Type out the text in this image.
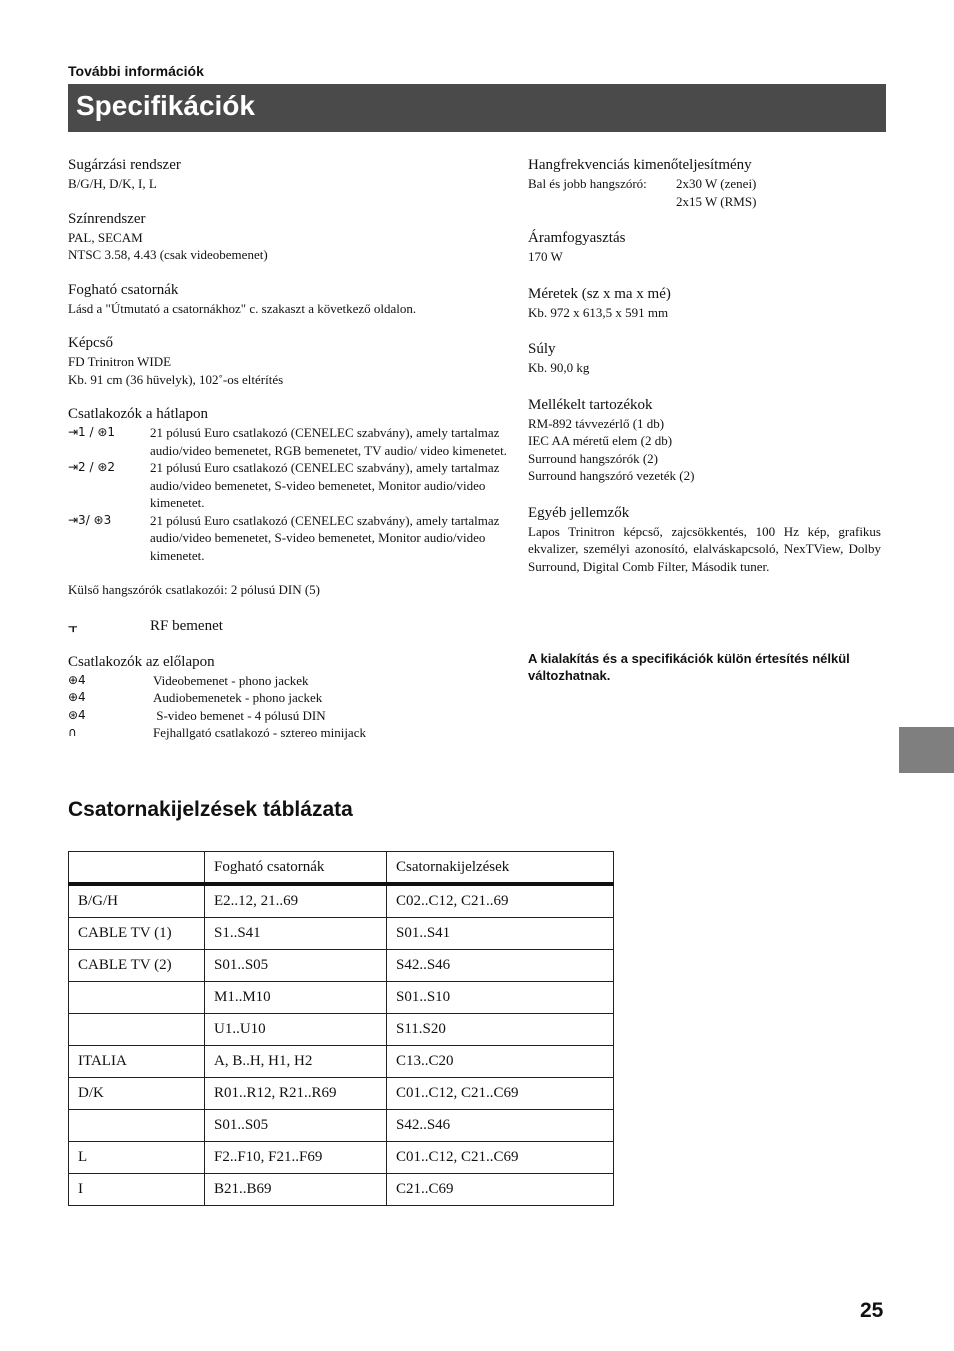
További információk
Specifikációk
Sugárzási rendszer
B/G/H, D/K, I, L
Színrendszer
PAL, SECAM
NTSC 3.58, 4.43 (csak videobemenet)
Fogható csatornák
Lásd a "Útmutató a csatornákhoz" c. szakaszt a következő oldalon.
Képcső
FD Trinitron WIDE
Kb. 91 cm (36 hüvelyk), 102˚-os eltérítés
Csatlakozók a hátlapon
⇥1 / ⊛1	21 pólusú Euro csatlakozó (CENELEC szabvány), amely tartalmaz audio/video bemenetet, RGB bemenetet, TV audio/ video kimenetet.
⇥2 / ⊛2	21 pólusú Euro csatlakozó (CENELEC szabvány), amely tartalmaz audio/video bemenetet, S-video bemenetet, Monitor audio/video kimenetet.
⇥3/ ⊛3	21 pólusú Euro csatlakozó (CENELEC szabvány), amely tartalmaz audio/video bemenetet, S-video bemenetet, Monitor audio/video kimenetet.
Külső hangszórók csatlakozói: 2 pólusú DIN (5)
⫟	RF bemenet
Csatlakozók az előlapon
⊕4	Videobemenet - phono jackek
⊕4	Audiobemenetek - phono jackek
⊛4	S-video bemenet - 4 pólusú DIN
∩	Fejhallgató csatlakozó - sztereo minijack
Hangfrekvenciás kimenőteljesítmény
Bal és jobb hangszóró: 2x30 W (zenei)
2x15 W (RMS)
Áramfogyasztás
170 W
Méretek (sz x ma x mé)
Kb. 972 x 613,5 x 591 mm
Súly
Kb. 90,0 kg
Mellékelt tartozékok
RM-892 távvezérlő (1 db)
IEC AA méretű elem (2 db)
Surround hangszórók (2)
Surround hangszóró vezeték (2)
Egyéb jellemzők
Lapos Trinitron képcső, zajcsökkentés, 100 Hz kép, grafikus ekvalizer, személyi azonosító, elalváskapcsoló, NexTView, Dolby Surround, Digital Comb Filter, Második tuner.
A kialakítás és a specifikációk külön értesítés nélkül változhatnak.
Csatornakijelzések táblázata
	Fogható csatornák	Csatornakijelzések
B/G/H	E2..12, 21..69	C02..C12, C21..69
CABLE TV (1)	S1..S41	S01..S41
CABLE TV (2)	S01..S05	S42..S46
	M1..M10	S01..S10
	U1..U10	S11.S20
ITALIA	A, B..H, H1, H2	C13..C20
D/K	R01..R12, R21..R69	C01..C12, C21..C69
	S01..S05	S42..S46
L	F2..F10, F21..F69	C01..C12, C21..C69
I	B21..B69	C21..C69
25
